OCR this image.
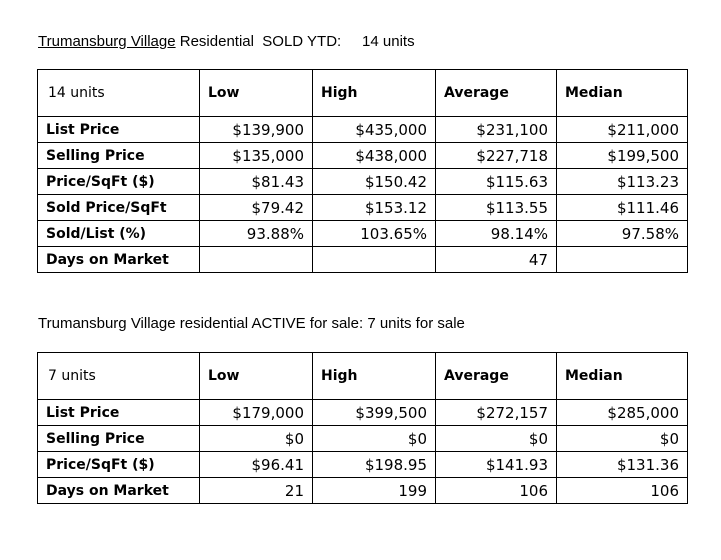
Trumansburg Village Residential  SOLD YTD:     14 units
14 units	Low	High	Average	Median
List Price	$139,900	$435,000	$231,100	$211,000
Selling Price	$135,000	$438,000	$227,718	$199,500
Price/SqFt ($)	$81.43	$150.42	$115.63	$113.23
Sold Price/SqFt	$79.42	$153.12	$113.55	$111.46
Sold/List (%)	93.88%	103.65%	98.14%	97.58%
Days on Market			47	
Trumansburg Village residential ACTIVE for sale: 7 units for sale
7 units	Low	High	Average	Median
List Price	$179,000	$399,500	$272,157	$285,000
Selling Price	$0	$0	$0	$0
Price/SqFt ($)	$96.41	$198.95	$141.93	$131.36
Days on Market	21	199	106	106
